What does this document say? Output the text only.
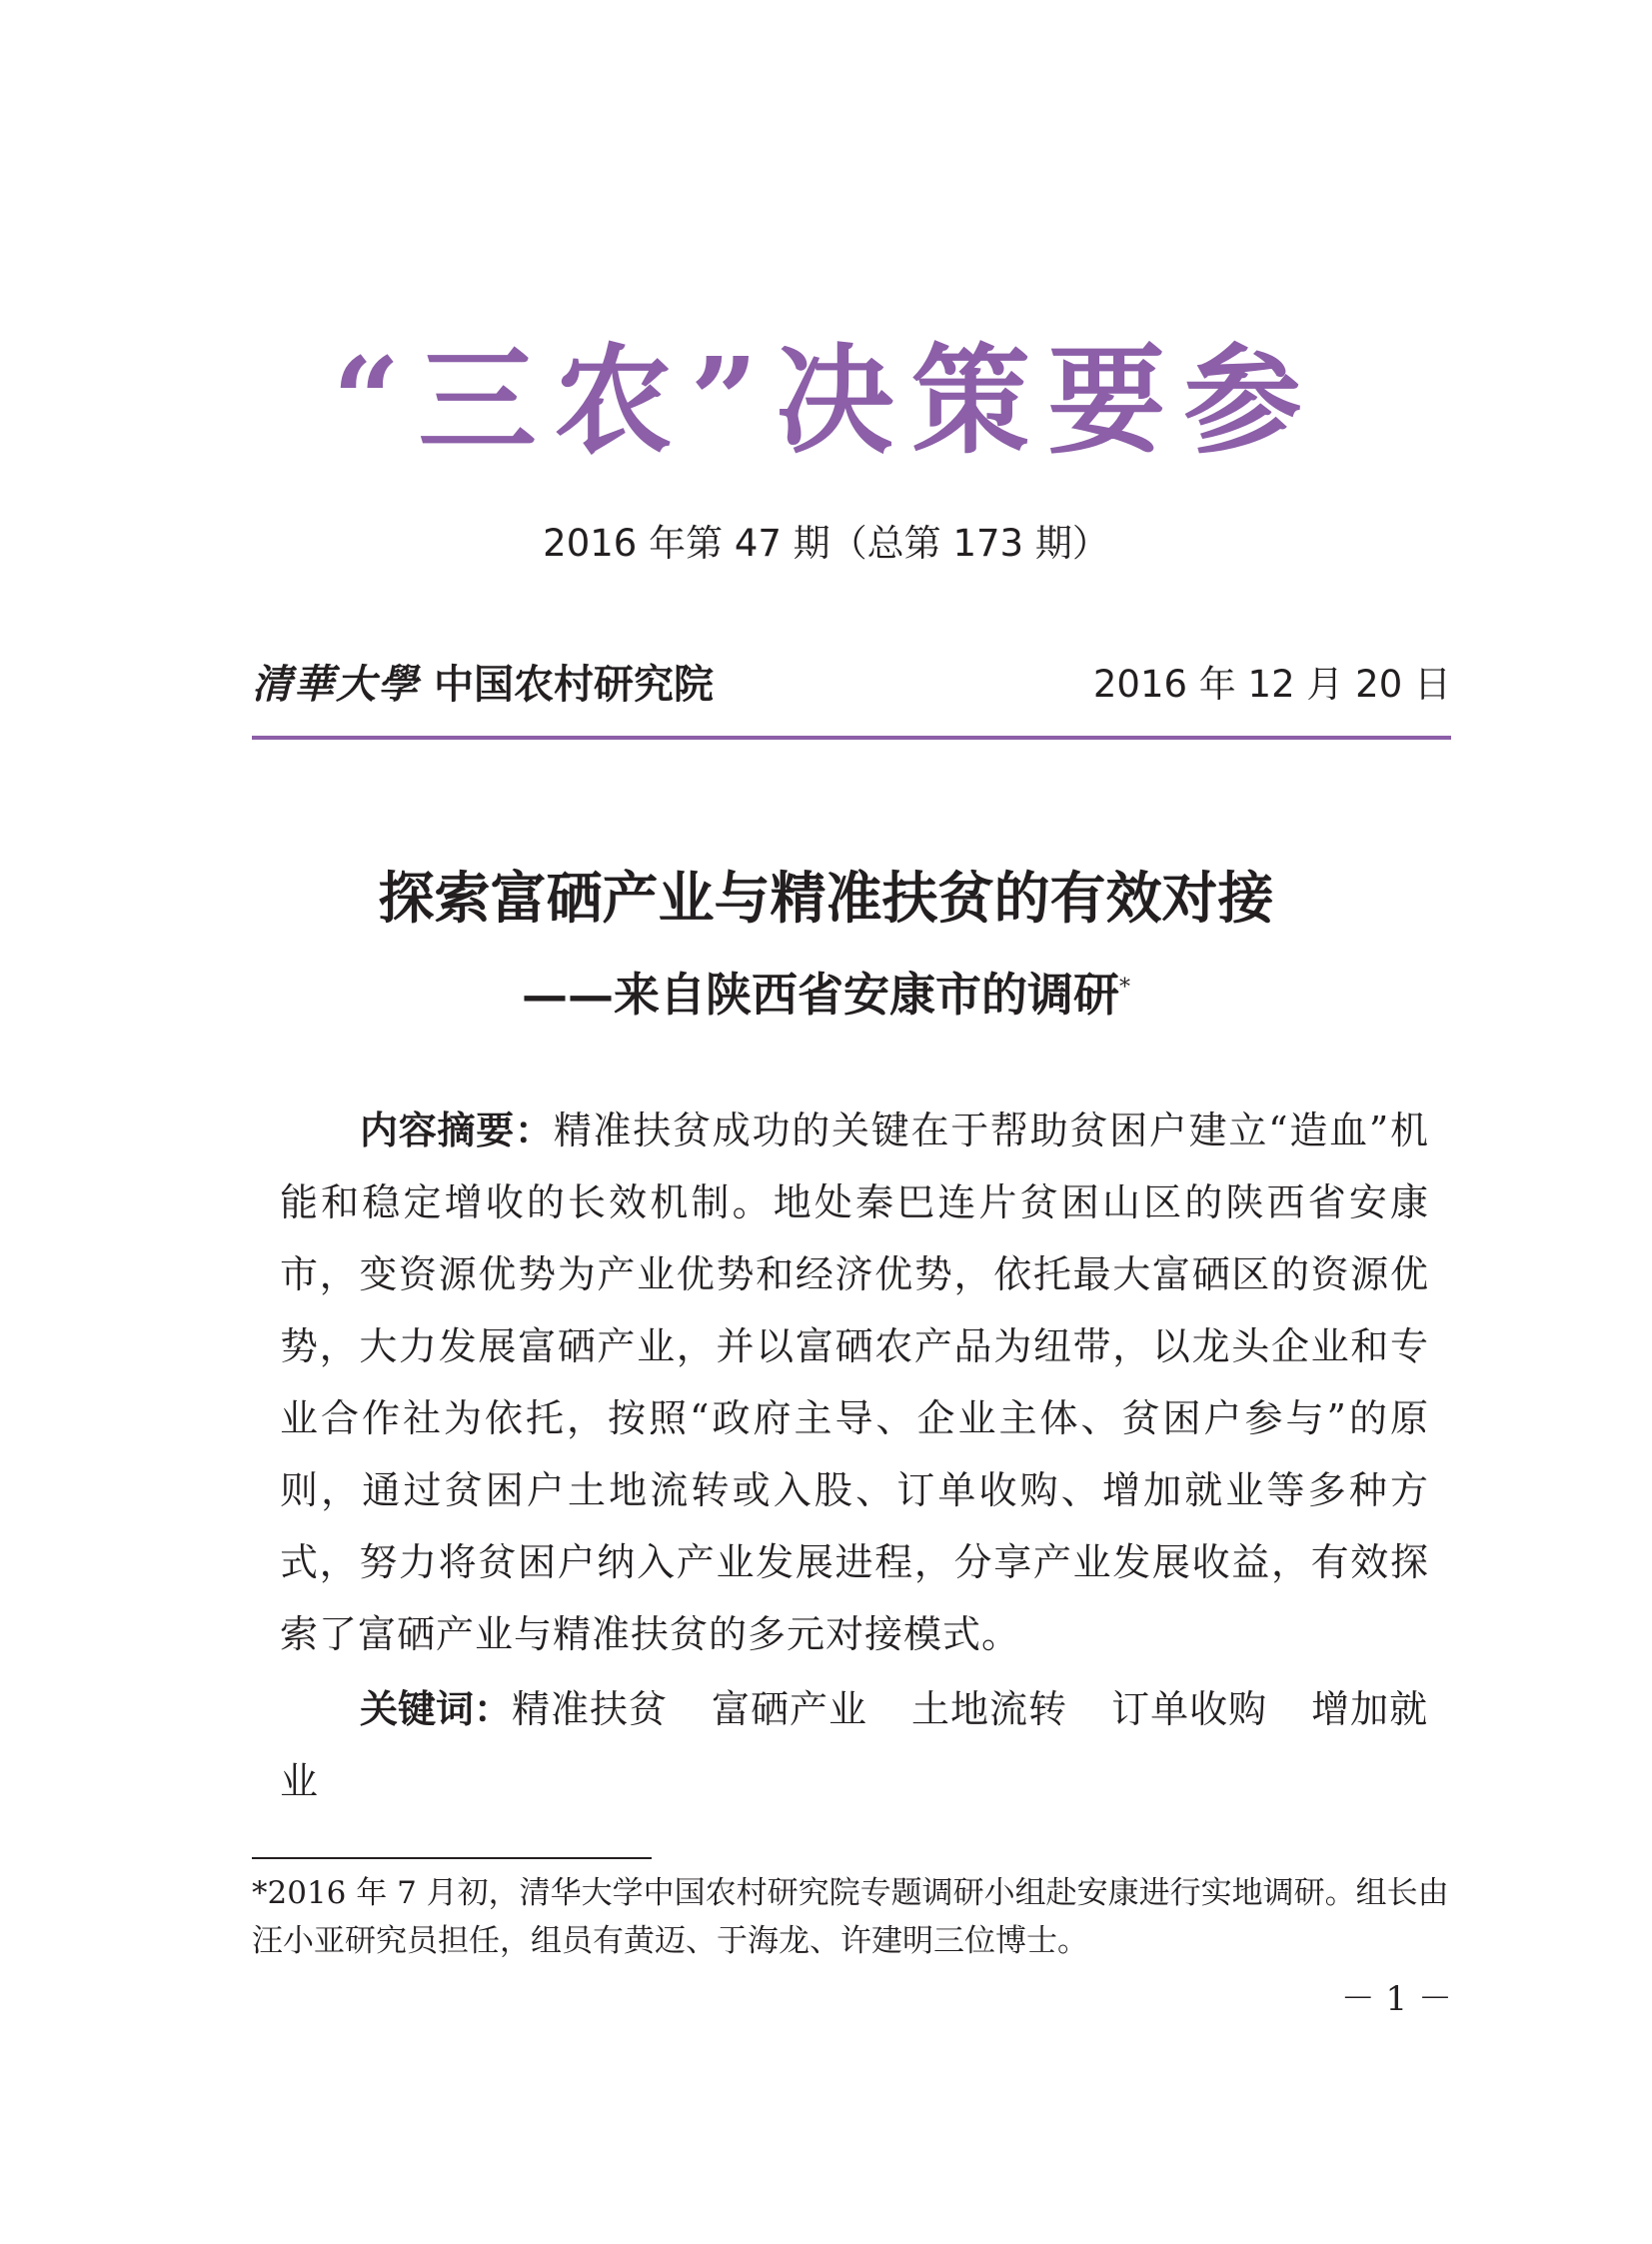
“三农”决策要参
2016 年第 47 期（总第 173 期）
清華大學 中国农村研究院	2016 年 12 月 20 日
探索富硒产业与精准扶贫的有效对接
——来自陕西省安康市的调研*

内容摘要：精准扶贫成功的关键在于帮助贫困户建立“造血”机能和稳定增收的长效机制。地处秦巴连片贫困山区的陕西省安康市，变资源优势为产业优势和经济优势，依托最大富硒区的资源优势，大力发展富硒产业，并以富硒农产品为纽带，以龙头企业和专业合作社为依托，按照“政府主导、企业主体、贫困户参与”的原则，通过贫困户土地流转或入股、订单收购、增加就业等多种方式，努力将贫困户纳入产业发展进程，分享产业发展收益，有效探索了富硒产业与精准扶贫的多元对接模式。

关键词：精准扶贫 富硒产业 土地流转 订单收购 增加就业

*2016 年 7 月初，清华大学中国农村研究院专题调研小组赴安康进行实地调研。组长由汪小亚研究员担任，组员有黄迈、于海龙、许建明三位博士。

－ 1 －
